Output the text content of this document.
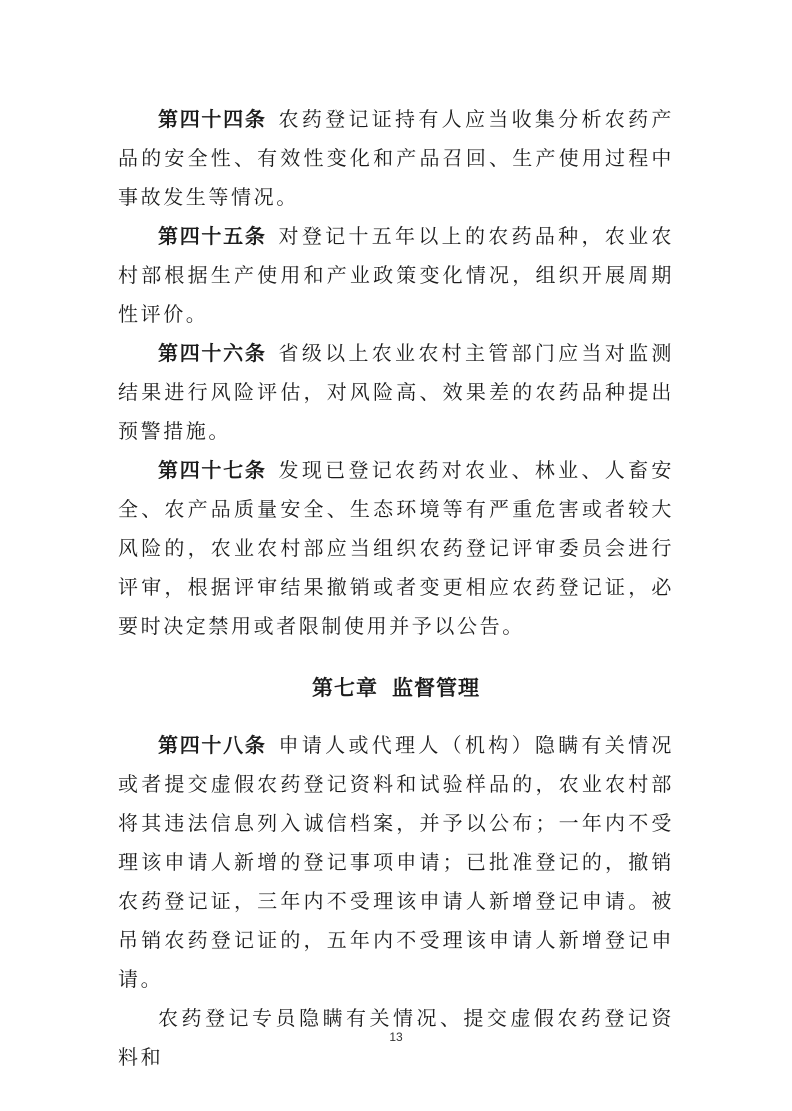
第四十四条 农药登记证持有人应当收集分析农药产品的安全性、有效性变化和产品召回、生产使用过程中事故发生等情况。

第四十五条 对登记十五年以上的农药品种，农业农村部根据生产使用和产业政策变化情况，组织开展周期性评价。

第四十六条 省级以上农业农村主管部门应当对监测结果进行风险评估，对风险高、效果差的农药品种提出预警措施。

第四十七条 发现已登记农药对农业、林业、人畜安全、农产品质量安全、生态环境等有严重危害或者较大风险的，农业农村部应当组织农药登记评审委员会进行评审，根据评审结果撤销或者变更相应农药登记证，必要时决定禁用或者限制使用并予以公告。

第七章 监督管理

第四十八条 申请人或代理人（机构）隐瞒有关情况或者提交虚假农药登记资料和试验样品的，农业农村部将其违法信息列入诚信档案，并予以公布；一年内不受理该申请人新增的登记事项申请；已批准登记的，撤销农药登记证，三年内不受理该申请人新增登记申请。被吊销农药登记证的，五年内不受理该申请人新增登记申请。

农药登记专员隐瞒有关情况、提交虚假农药登记资料和

13
